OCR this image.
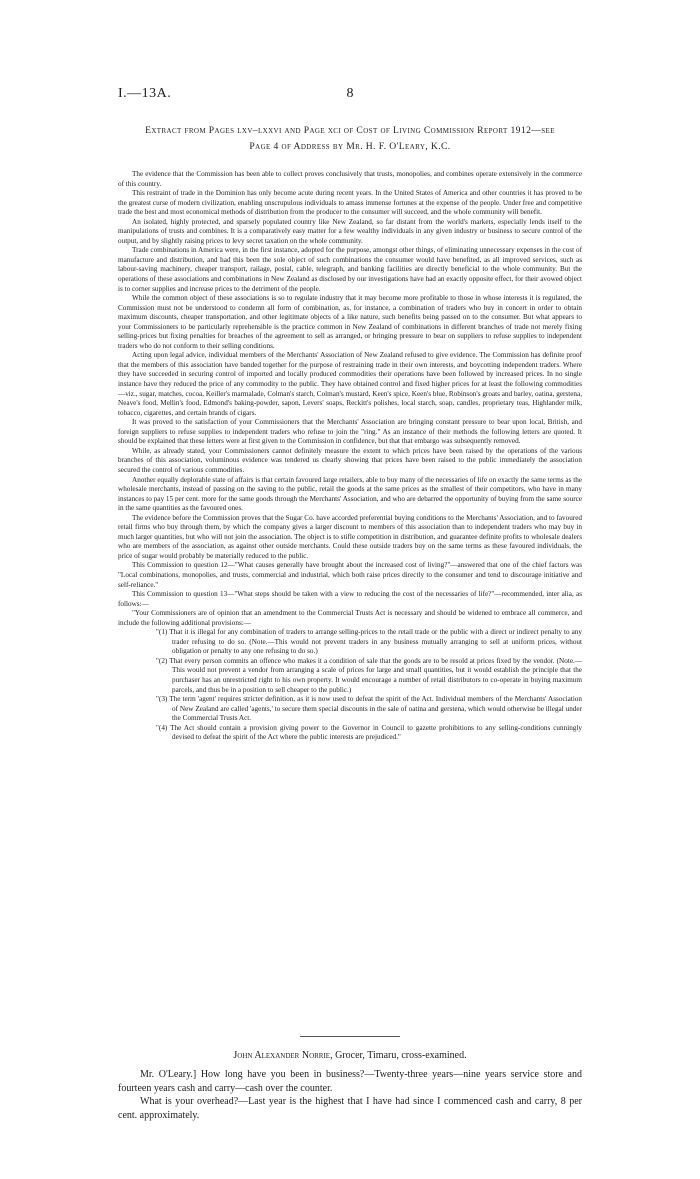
I.—13A.	8
Extract from Pages lxv–lxxvi and Page xci of Cost of Living Commission Report 1912—see
Page 4 of Address by Mr. H. F. O'Leary, K.C.

The evidence that the Commission has been able to collect proves conclusively that trusts, monopolies, and combines operate extensively in the commerce of this country.

This restraint of trade in the Dominion has only become acute during recent years. In the United States of America and other countries it has proved to be the greatest curse of modern civilization, enabling unscrupulous individuals to amass immense fortunes at the expense of the people. Under free and competitive trade the best and most economical methods of distribution from the producer to the consumer will succeed, and the whole community will benefit.

An isolated, highly protected, and sparsely populated country like New Zealand, so far distant from the world's markets, especially lends itself to the manipulations of trusts and combines. It is a comparatively easy matter for a few wealthy individuals in any given industry or business to secure control of the output, and by slightly raising prices to levy secret taxation on the whole community.

Trade combinations in America were, in the first instance, adopted for the purpose, amongst other things, of eliminating unnecessary expenses in the cost of manufacture and distribution, and had this been the sole object of such combinations the consumer would have benefited, as all improved services, such as labour-saving machinery, cheaper transport, railage, postal, cable, telegraph, and banking facilities are directly beneficial to the whole community. But the operations of these associations and combinations in New Zealand as disclosed by our investigations have had an exactly opposite effect, for their avowed object is to corner supplies and increase prices to the detriment of the people.

While the common object of these associations is so to regulate industry that it may become more profitable to those in whose interests it is regulated, the Commission must not be understood to condemn all form of combination, as, for instance, a combination of traders who buy in concert in order to obtain maximum discounts, cheaper transportation, and other legitimate objects of a like nature, such benefits being passed on to the consumer. But what appears to your Commissioners to be particularly reprehensible is the practice common in New Zealand of combinations in different branches of trade not merely fixing selling-prices but fixing penalties for breaches of the agreement to sell as arranged, or bringing pressure to bear on suppliers to refuse supplies to independent traders who do not conform to their selling conditions.

Acting upon legal advice, individual members of the Merchants' Association of New Zealand refused to give evidence. The Commission has definite proof that the members of this association have banded together for the purpose of restraining trade in their own interests, and boycotting independent traders. Where they have succeeded in securing control of imported and locally produced commodities their operations have been followed by increased prices. In no single instance have they reduced the price of any commodity to the public. They have obtained control and fixed higher prices for at least the following commodities—viz., sugar, matches, cocoa, Keiller's marmalade, Colman's starch, Colman's mustard, Keen's spice, Keen's blue, Robinson's groats and barley, oatina, gerstena, Neave's food, Mellin's food, Edmond's baking-powder, sapon, Levers' soaps, Reckitt's polishes, local starch, soap, candles, proprietary teas, Highlander milk, tobacco, cigarettes, and certain brands of cigars.

It was proved to the satisfaction of your Commissioners that the Merchants' Association are bringing constant pressure to bear upon local, British, and foreign suppliers to refuse supplies to independent traders who refuse to join the "ring." As an instance of their methods the following letters are quoted. It should be explained that these letters were at first given to the Commission in confidence, but that that embargo was subsequently removed.

While, as already stated, your Commissioners cannot definitely measure the extent to which prices have been raised by the operations of the various branches of this association, voluminous evidence was tendered us clearly showing that prices have been raised to the public immediately the association secured the control of various commodities.

Another equally deplorable state of affairs is that certain favoured large retailers, able to buy many of the necessaries of life on exactly the same terms as the wholesale merchants, instead of passing on the saving to the public, retail the goods at the same prices as the smallest of their competitors, who have in many instances to pay 15 per cent. more for the same goods through the Merchants' Association, and who are debarred the opportunity of buying from the same source in the same quantities as the favoured ones.

The evidence before the Commission proves that the Sugar Co. have accorded preferential buying conditions to the Merchants' Association, and to favoured retail firms who buy through them, by which the company gives a larger discount to members of this association than to independent traders who may buy in much larger quantities, but who will not join the association. The object is to stifle competition in distribution, and guarantee definite profits to wholesale dealers who are members of the association, as against other outside merchants. Could these outside traders buy on the same terms as these favoured individuals, the price of sugar would probably be materially reduced to the public.

This Commission to question 12—"What causes generally have brought about the increased cost of living?"—answered that one of the chief factors was "Local combinations, monopolies, and trusts, commercial and industrial, which both raise prices directly to the consumer and tend to discourage initiative and self-reliance."

This Commission to question 13—"What steps should be taken with a view to reducing the cost of the necessaries of life?"—recommended, inter alia, as follows:—

"Your Commissioners are of opinion that an amendment to the Commercial Trusts Act is necessary and should be widened to embrace all commerce, and include the following additional provisions:—

"(1) That it is illegal for any combination of traders to arrange selling-prices to the retail trade or the public with a direct or indirect penalty to any trader refusing to do so. (Note.—This would not prevent traders in any business mutually arranging to sell at uniform prices, without obligation or penalty to any one refusing to do so.)

"(2) That every person commits an offence who makes it a condition of sale that the goods are to be resold at prices fixed by the vendor. (Note.—This would not prevent a vendor from arranging a scale of prices for large and small quantities, but it would establish the principle that the purchaser has an unrestricted right to his own property. It would encourage a number of retail distributors to co-operate in buying maximum parcels, and thus be in a position to sell cheaper to the public.)

"(3) The term 'agent' requires stricter definition, as it is now used to defeat the spirit of the Act. Individual members of the Merchants' Association of New Zealand are called 'agents,' to secure them special discounts in the sale of oatina and gerstena, which would otherwise be illegal under the Commercial Trusts Act.

"(4) The Act should contain a provision giving power to the Governor in Council to gazette prohibitions to any selling-conditions cunningly devised to defeat the spirit of the Act where the public interests are prejudiced."

John Alexander Norrie, Grocer, Timaru, cross-examined.

Mr. O'Leary.] How long have you been in business?—Twenty-three years—nine years service store and fourteen years cash and carry—cash over the counter.

What is your overhead?—Last year is the highest that I have had since I commenced cash and carry, 8 per cent. approximately.
